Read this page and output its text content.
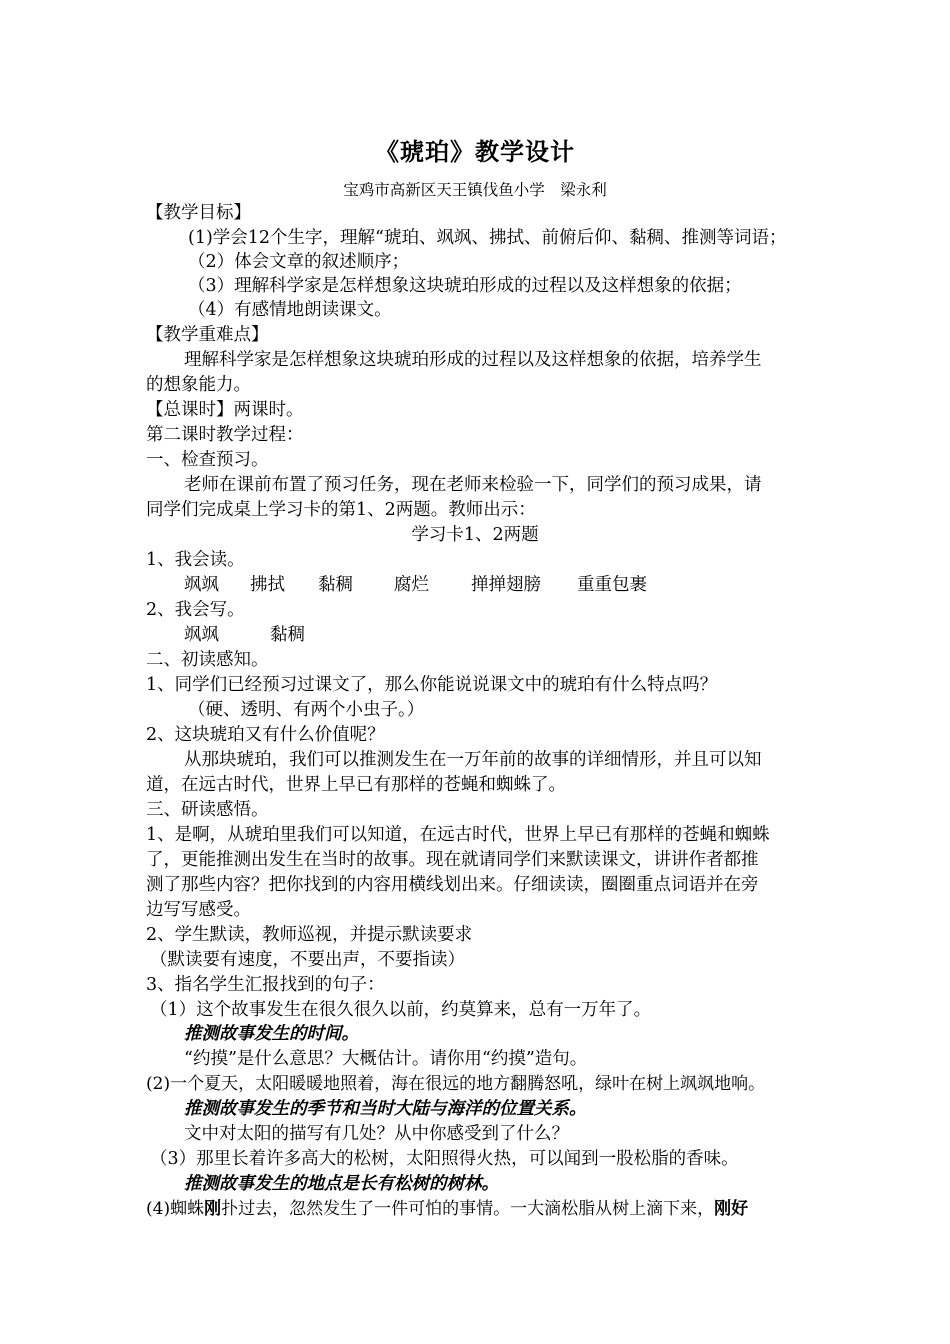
《琥珀》教学设计
宝鸡市高新区天王镇伐鱼小学　梁永利
【教学目标】
(1)学会12个生字，理解“琥珀、飒飒、拂拭、前俯后仰、黏稠、推测等词语；
（2）体会文章的叙述顺序；
（3）理解科学家是怎样想象这块琥珀形成的过程以及这样想象的依据；
（4）有感情地朗读课文。
【教学重难点】
理解科学家是怎样想象这块琥珀形成的过程以及这样想象的依据，培养学生
的想象能力。
【总课时】两课时。
第二课时教学过程：
一、检查预习。
老师在课前布置了预习任务，现在老师来检验一下，同学们的预习成果，请
同学们完成桌上学习卡的第1、2两题。教师出示：
学习卡1、2两题
1、我会读。
飒飒 拂拭 黏稠 腐烂 掸掸翅膀 重重包裹
2、我会写。
飒飒	黏稠
二、初读感知。
1、同学们已经预习过课文了，那么你能说说课文中的琥珀有什么特点吗？
（硬、透明、有两个小虫子。）
2、这块琥珀又有什么价值呢？
从那块琥珀，我们可以推测发生在一万年前的故事的详细情形，并且可以知
道，在远古时代，世界上早已有那样的苍蝇和蜘蛛了。
三、研读感悟。
1、是啊，从琥珀里我们可以知道，在远古时代，世界上早已有那样的苍蝇和蜘蛛
了，更能推测出发生在当时的故事。现在就请同学们来默读课文，讲讲作者都推
测了那些内容？把你找到的内容用横线划出来。仔细读读，圈圈重点词语并在旁
边写写感受。
2、学生默读，教师巡视，并提示默读要求
（默读要有速度，不要出声，不要指读）
3、指名学生汇报找到的句子：
（1）这个故事发生在很久很久以前，约莫算来，总有一万年了。
推测故事发生的时间。
“约摸”是什么意思？大概估计。请你用“约摸”造句。
(2)一个夏天，太阳暖暖地照着，海在很远的地方翻腾怒吼，绿叶在树上飒飒地响。
推测故事发生的季节和当时大陆与海洋的位置关系。
文中对太阳的描写有几处？从中你感受到了什么？
（3）那里长着许多高大的松树，太阳照得火热，可以闻到一股松脂的香味。
推测故事发生的地点是长有松树的树林。
(4)蜘蛛刚扑过去，忽然发生了一件可怕的事情。一大滴松脂从树上滴下来，刚好
